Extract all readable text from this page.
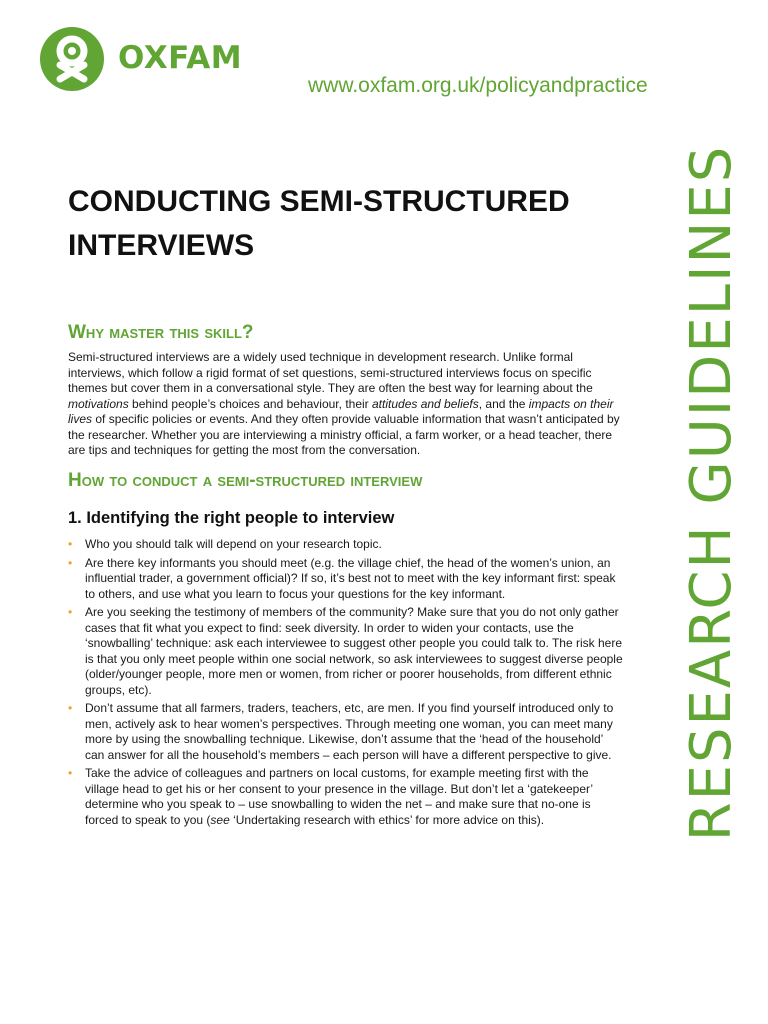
OXFAM
www.oxfam.org.uk/policyandpractice
RESEARCH GUIDELINES
CONDUCTING SEMI-STRUCTURED
INTERVIEWS
Why master this skill?

Semi-structured interviews are a widely used technique in development research. Unlike formal interviews, which follow a rigid format of set questions, semi-structured interviews focus on specific themes but cover them in a conversational style. They are often the best way for learning about the motivations behind people’s choices and behaviour, their attitudes and beliefs, and the impacts on their lives of specific policies or events. And they often provide valuable information that wasn’t anticipated by the researcher. Whether you are interviewing a ministry official, a farm worker, or a head teacher, there are tips and techniques for getting the most from the conversation.

How to conduct a semi-structured interview
1. Identifying the right people to interview
• Who you should talk will depend on your research topic.
• Are there key informants you should meet (e.g. the village chief, the head of the women’s union, an influential trader, a government official)? If so, it’s best not to meet with the key informant first: speak to others, and use what you learn to focus your questions for the key informant.
• Are you seeking the testimony of members of the community? Make sure that you do not only gather cases that fit what you expect to find: seek diversity. In order to widen your contacts, use the ‘snowballing’ technique: ask each interviewee to suggest other people you could talk to. The risk here is that you only meet people within one social network, so ask interviewees to suggest diverse people (older/younger people, more men or women, from richer or poorer households, from different ethnic groups, etc).
• Don’t assume that all farmers, traders, teachers, etc, are men. If you find yourself introduced only to men, actively ask to hear women’s perspectives. Through meeting one woman, you can meet many more by using the snowballing technique. Likewise, don’t assume that the ‘head of the household’ can answer for all the household’s members – each person will have a different perspective to give.
• Take the advice of colleagues and partners on local customs, for example meeting first with the village head to get his or her consent to your presence in the village. But don’t let a ‘gatekeeper’ determine who you speak to – use snowballing to widen the net – and make sure that no-one is forced to speak to you (see ‘Undertaking research with ethics’ for more advice on this).
